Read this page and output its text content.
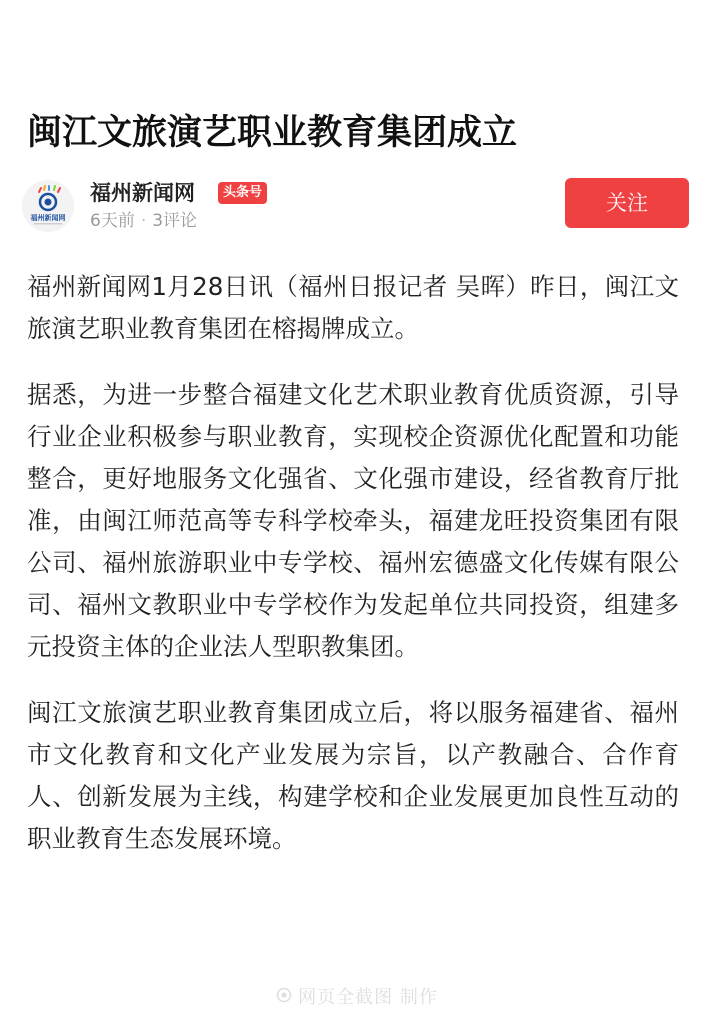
闽江文旅演艺职业教育集团成立
福州新闻网
福州新闻网	头条号
6天前 · 3评论
关注

福州新闻网1月28日讯（福州日报记者 吴晖）昨日，闽江文旅演艺职业教育集团在榕揭牌成立。

据悉，为进一步整合福建文化艺术职业教育优质资源，引导行业企业积极参与职业教育，实现校企资源优化配置和功能整合，更好地服务文化强省、文化强市建设，经省教育厅批准，由闽江师范高等专科学校牵头，福建龙旺投资集团有限公司、福州旅游职业中专学校、福州宏德盛文化传媒有限公司、福州文教职业中专学校作为发起单位共同投资，组建多元投资主体的企业法人型职教集团。

闽江文旅演艺职业教育集团成立后，将以服务福建省、福州市文化教育和文化产业发展为宗旨，以产教融合、合作育人、创新发展为主线，构建学校和企业发展更加良性互动的职业教育生态发展环境。

网页全截图 制作
